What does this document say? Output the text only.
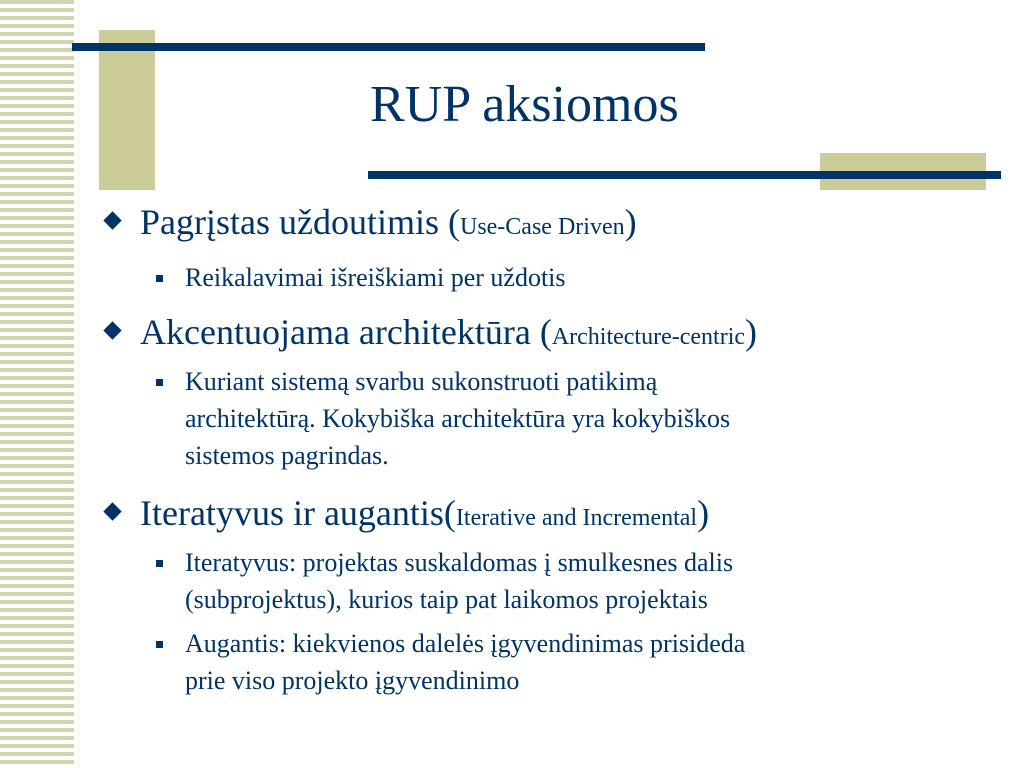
RUP aksiomos
Pagrįstas uždoutimis (Use-Case Driven)
Reikalavimai išreiškiami per uždotis
Akcentuojama architektūra (Architecture-centric)
Kuriant sistemą svarbu sukonstruoti patikimą
architektūrą. Kokybiška architektūra yra kokybiškos
sistemos pagrindas.
Iteratyvus ir augantis(Iterative and Incremental)
Iteratyvus: projektas suskaldomas į smulkesnes dalis
(subprojektus), kurios taip pat laikomos projektais
Augantis: kiekvienos dalelės įgyvendinimas prisideda
prie viso projekto įgyvendinimo
